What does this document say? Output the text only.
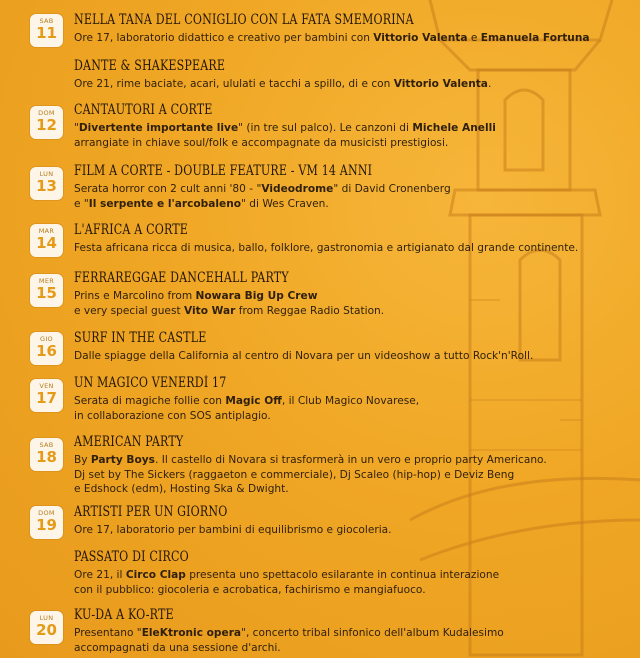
SAB
11
NELLA TANA DEL CONIGLIO CON LA FATA SMEMORINA
Ore 17, laboratorio didattico e creativo per bambini con Vittorio Valenta e Emanuela Fortuna
DANTE & SHAKESPEARE
Ore 21, rime baciate, acari, ululati e tacchi a spillo, di e con Vittorio Valenta.
DOM
12
CANTAUTORI A CORTE
"Divertente importante live" (in tre sul palco). Le canzoni di Michele Anelli
arrangiate in chiave soul/folk e accompagnate da musicisti prestigiosi.
LUN
13
FILM A CORTE - DOUBLE FEATURE - VM 14 ANNI
Serata horror con 2 cult anni '80 - "Videodrome" di David Cronenberg
e "Il serpente e l'arcobaleno" di Wes Craven.
MAR
14
L'AFRICA A CORTE
Festa africana ricca di musica, ballo, folklore, gastronomia e artigianato dal grande continente.
MER
15
FERRAREGGAE DANCEHALL PARTY
Prins e Marcolino from Nowara Big Up Crew
e very special guest Vito War from Reggae Radio Station.
GIO
16
SURF IN THE CASTLE
Dalle spiagge della California al centro di Novara per un videoshow a tutto Rock'n'Roll.
VEN
17
UN MAGICO VENERDÌ 17
Serata di magiche follie con Magic Off, il Club Magico Novarese,
in collaborazione con SOS antiplagio.
SAB
18
AMERICAN PARTY
By Party Boys. Il castello di Novara si trasformerà in un vero e proprio party Americano.
Dj set by The Sickers (raggaeton e commerciale), Dj Scaleo (hip-hop) e Deviz Beng
e Edshock (edm), Hosting Ska & Dwight.
DOM
19
ARTISTI PER UN GIORNO
Ore 17, laboratorio per bambini di equilibrismo e giocoleria.
PASSATO DI CIRCO
Ore 21, il Circo Clap presenta uno spettacolo esilarante in continua interazione
con il pubblico: giocoleria e acrobatica, fachirismo e mangiafuoco.
LUN
20
KU-DA A KO-RTE
Presentano "EleKtronic opera", concerto tribal sinfonico dell'album Kudalesimo
accompagnati da una sessione d'archi.
